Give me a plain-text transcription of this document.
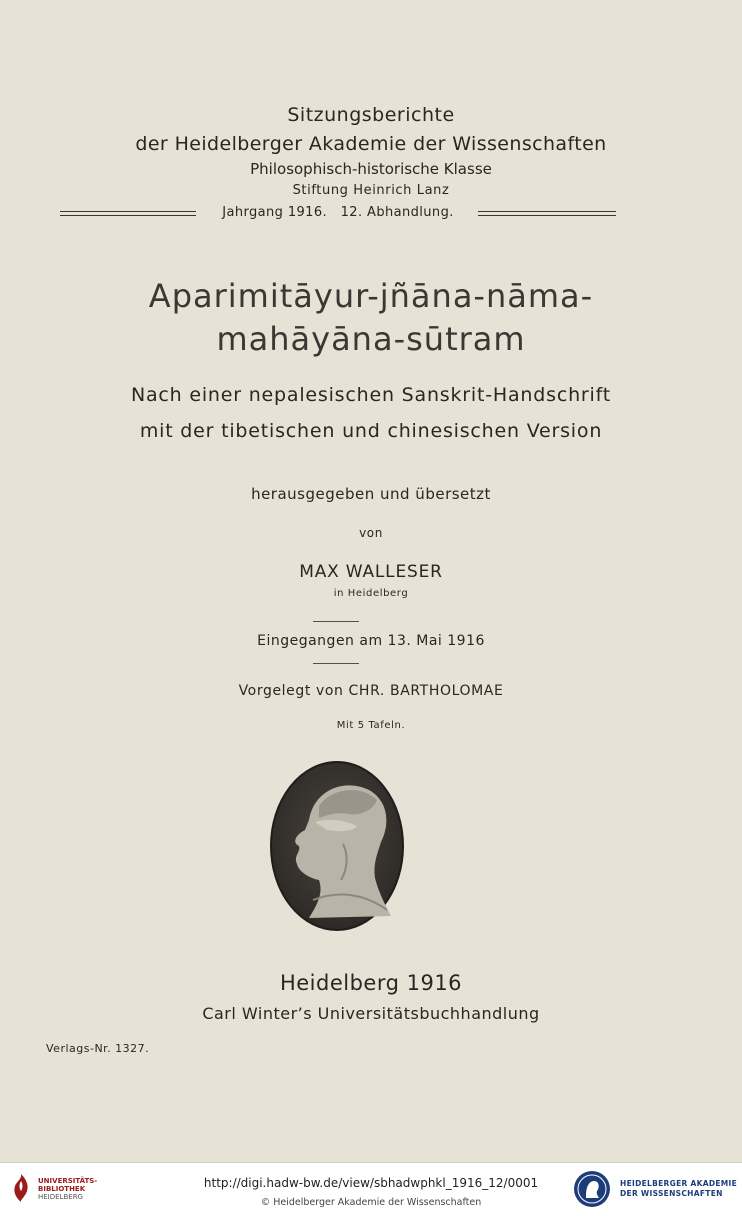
Sitzungsberichte
der Heidelberger Akademie der Wissenschaften
Philosophisch-historische Klasse
Stiftung Heinrich Lanz
Jahrgang 1916.   12. Abhandlung.
Aparimitāyur-jñāna-nāma-
mahāyāna-sūtram
Nach einer nepalesischen Sanskrit-Handschrift
mit der tibetischen und chinesischen Version
herausgegeben und übersetzt
von
MAX WALLESER
in Heidelberg
Eingegangen am 13. Mai 1916
Vorgelegt von CHR. BARTHOLOMAE
Mit 5 Tafeln.
Heidelberg 1916
Carl Winter’s Universitätsbuchhandlung
Verlags-Nr. 1327.
UNIVERSITÄTS-
BIBLIOTHEK
HEIDELBERG
http://digi.hadw-bw.de/view/sbhadwphkl_1916_12/0001
© Heidelberger Akademie der Wissenschaften
HEIDELBERGER AKADEMIE
DER WISSENSCHAFTEN
